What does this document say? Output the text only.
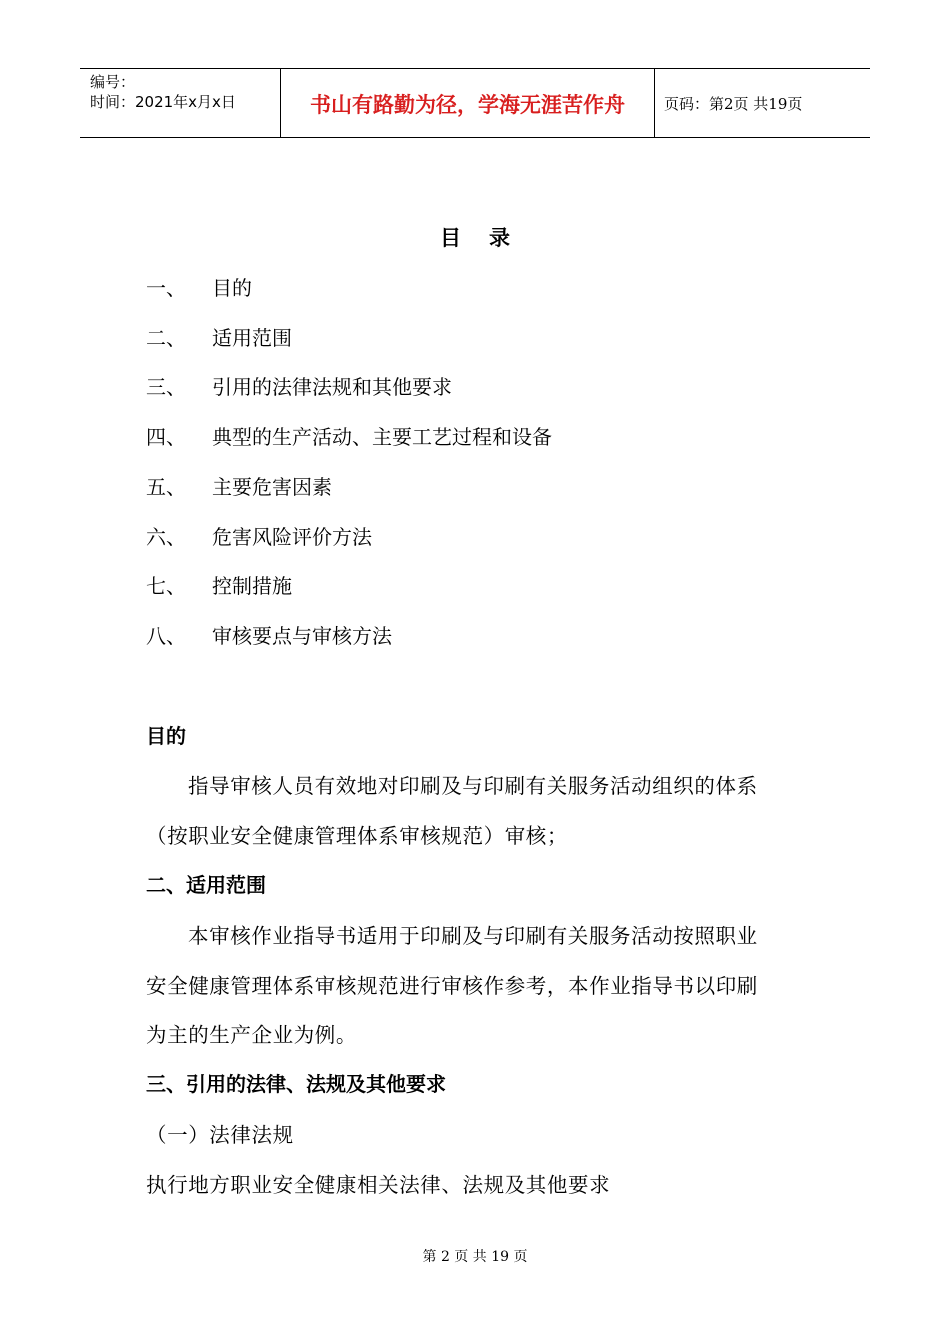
编号：
时间：2021年x月x日	书山有路勤为径，学海无涯苦作舟	页码：第2页 共19页
目录
一、 目的
二、 适用范围
三、 引用的法律法规和其他要求
四、 典型的生产活动、主要工艺过程和设备
五、 主要危害因素
六、 危害风险评价方法
七、 控制措施
八、 审核要点与审核方法
目的
指导审核人员有效地对印刷及与印刷有关服务活动组织的体系
（按职业安全健康管理体系审核规范）审核；
二、适用范围
本审核作业指导书适用于印刷及与印刷有关服务活动按照职业
安全健康管理体系审核规范进行审核作参考，本作业指导书以印刷
为主的生产企业为例。
三、引用的法律、法规及其他要求
（一）法律法规
执行地方职业安全健康相关法律、法规及其他要求
第 2 页 共 19 页
